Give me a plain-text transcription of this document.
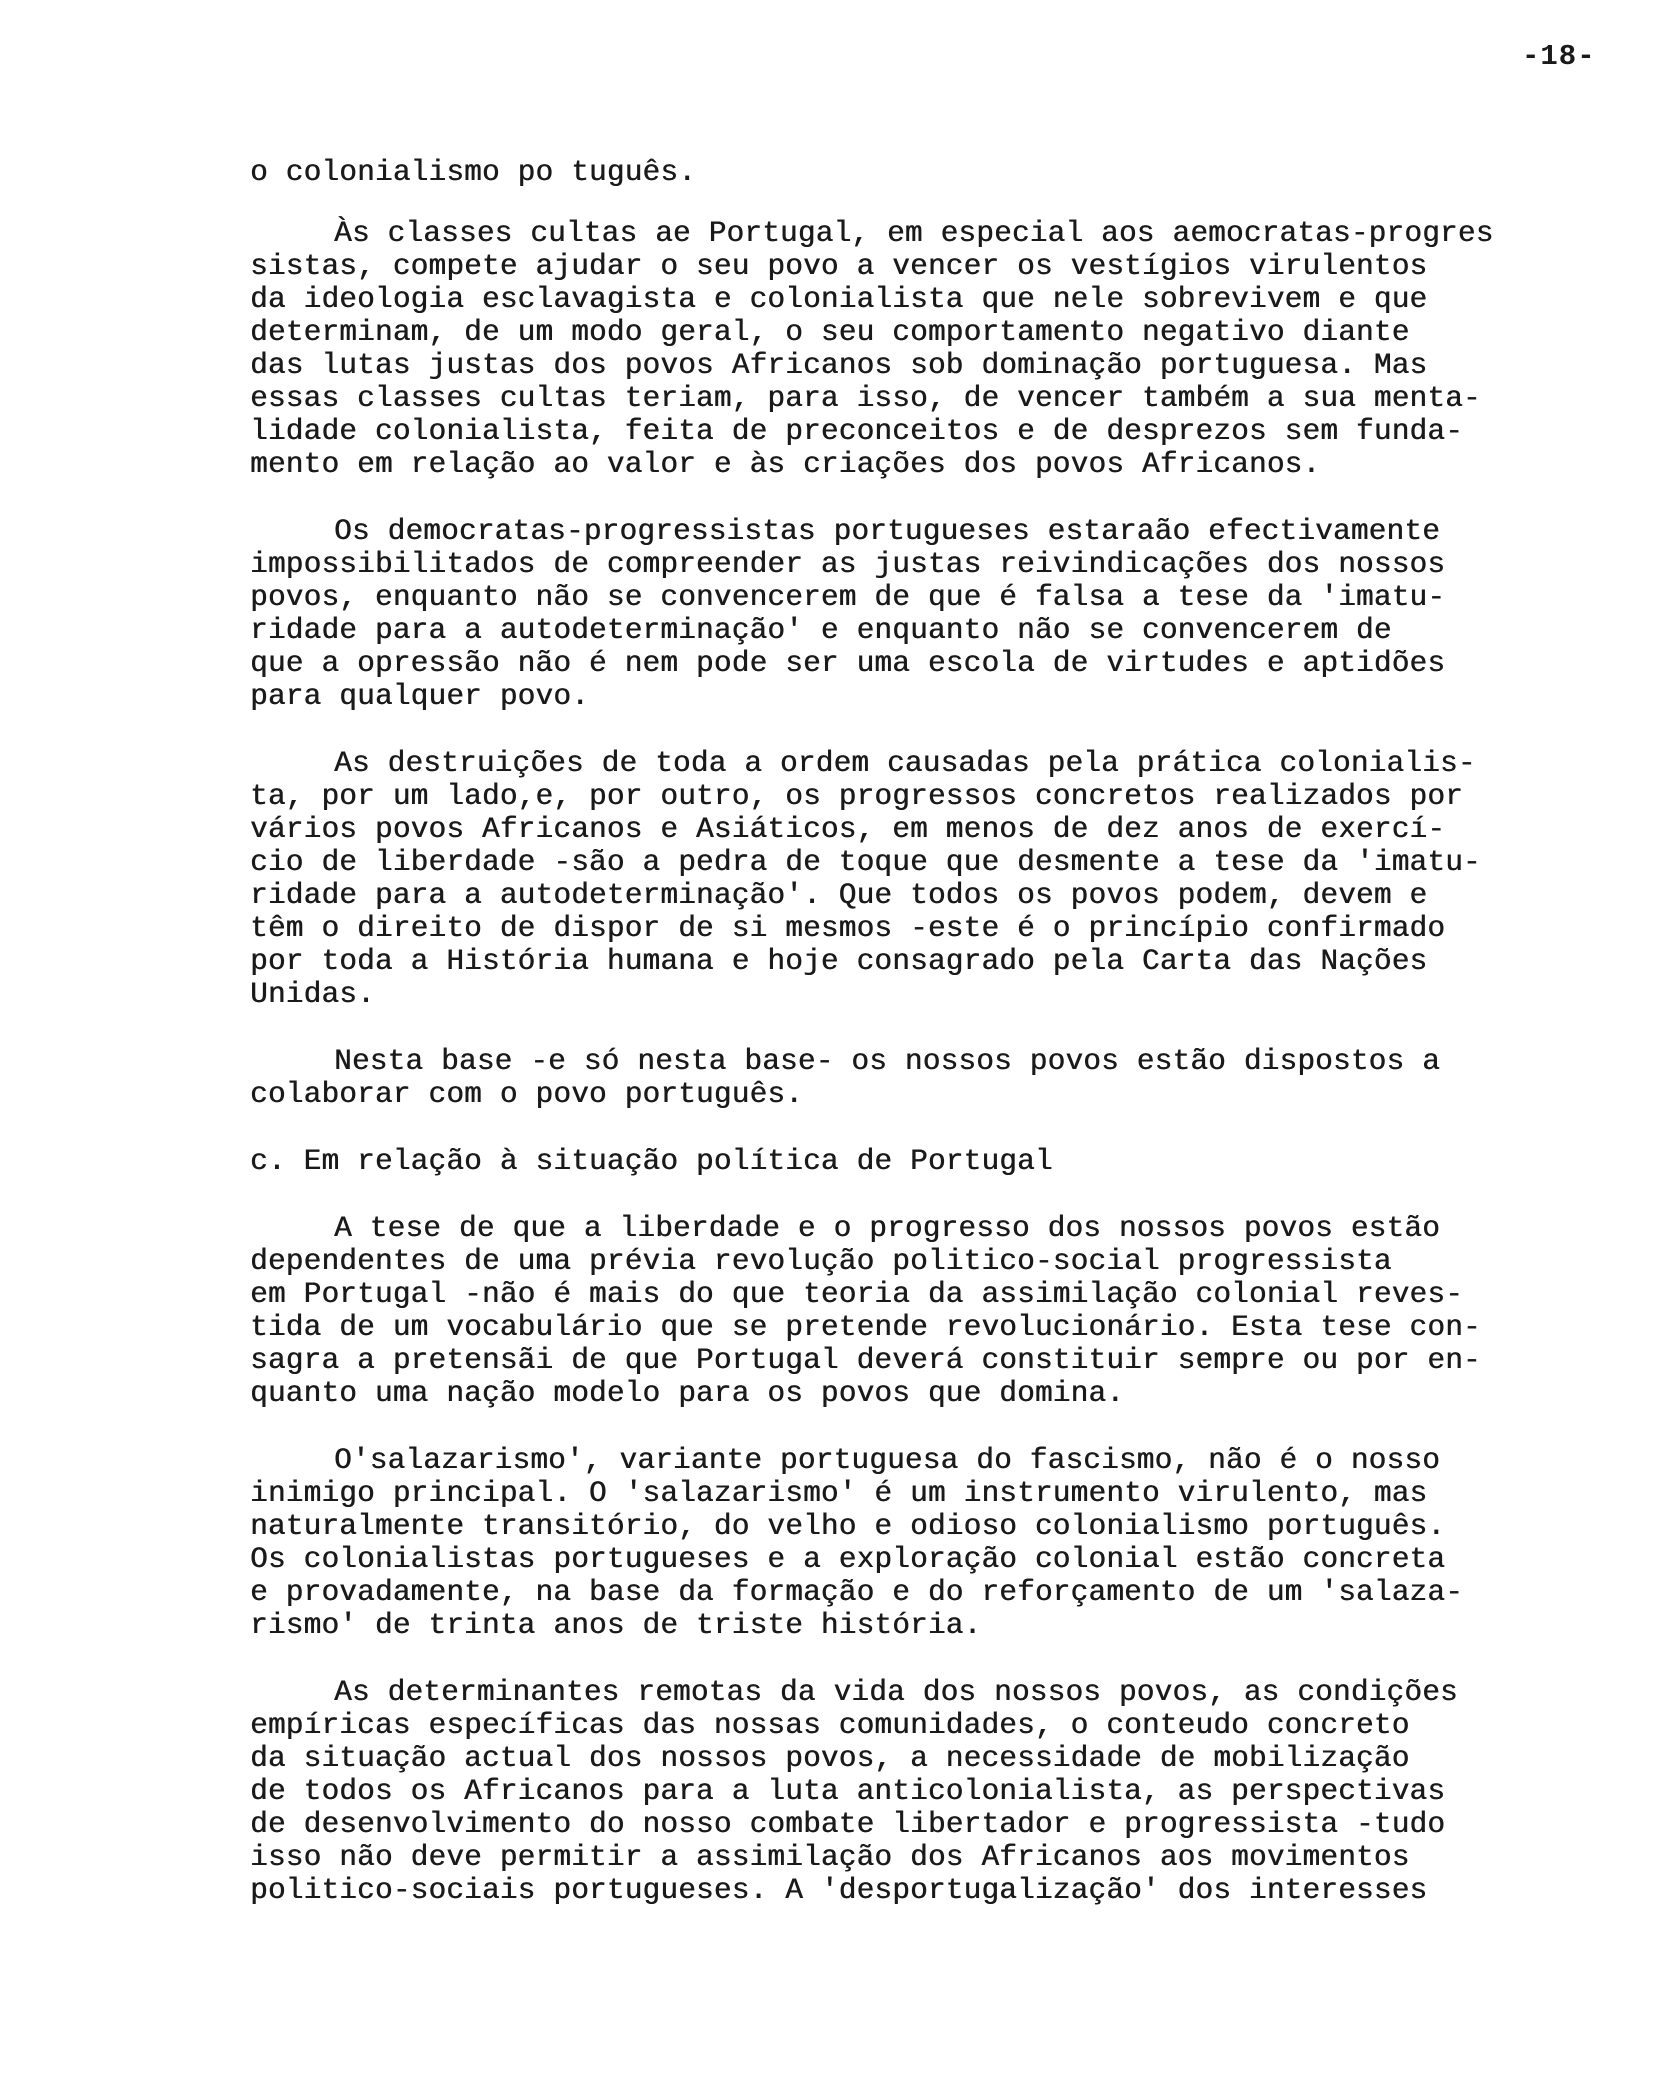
-18-

o colonialismo po tuguês.
Às classes cultas ae Portugal, em especial aos aemocratas-progres
sistas, compete ajudar o seu povo a vencer os vestígios virulentos
da ideologia esclavagista e colonialista que nele sobrevivem e que
determinam, de um modo geral, o seu comportamento negativo diante
das lutas justas dos povos Africanos sob dominação portuguesa. Mas
essas classes cultas teriam, para isso, de vencer também a sua menta-
lidade colonialista, feita de preconceitos e de desprezos sem funda-
mento em relação ao valor e às criações dos povos Africanos.
Os democratas-progressistas portugueses estaraão efectivamente
impossibilitados de compreender as justas reivindicações dos nossos
povos, enquanto não se convencerem de que é falsa a tese da 'imatu-
ridade para a autodeterminação' e enquanto não se convencerem de
que a opressão não é nem pode ser uma escola de virtudes e aptidões
para qualquer povo.
As destruições de toda a ordem causadas pela prática colonialis-
ta, por um lado,e, por outro, os progressos concretos realizados por
vários povos Africanos e Asiáticos, em menos de dez anos de exercí-
cio de liberdade -são a pedra de toque que desmente a tese da 'imatu-
ridade para a autodeterminação'. Que todos os povos podem, devem e
têm o direito de dispor de si mesmos -este é o princípio confirmado
por toda a História humana e hoje consagrado pela Carta das Nações
Unidas.
Nesta base -e só nesta base- os nossos povos estão dispostos a
colaborar com o povo português.
c. Em relação à situação política de Portugal
A tese de que a liberdade e o progresso dos nossos povos estão
dependentes de uma prévia revolução politico-social progressista
em Portugal -não é mais do que teoria da assimilação colonial reves-
tida de um vocabulário que se pretende revolucionário. Esta tese con-
sagra a pretensãi de que Portugal deverá constituir sempre ou por en-
quanto uma nação modelo para os povos que domina.
O'salazarismo', variante portuguesa do fascismo, não é o nosso
inimigo principal. O 'salazarismo' é um instrumento virulento, mas
naturalmente transitório, do velho e odioso colonialismo português.
Os colonialistas portugueses e a exploração colonial estão concreta
e provadamente, na base da formação e do reforçamento de um 'salaza-
rismo' de trinta anos de triste história.
As determinantes remotas da vida dos nossos povos, as condições
empíricas específicas das nossas comunidades, o conteudo concreto
da situação actual dos nossos povos, a necessidade de mobilização
de todos os Africanos para a luta anticolonialista, as perspectivas
de desenvolvimento do nosso combate libertador e progressista -tudo
isso não deve permitir a assimilação dos Africanos aos movimentos
politico-sociais portugueses. A 'desportugalização' dos interesses
